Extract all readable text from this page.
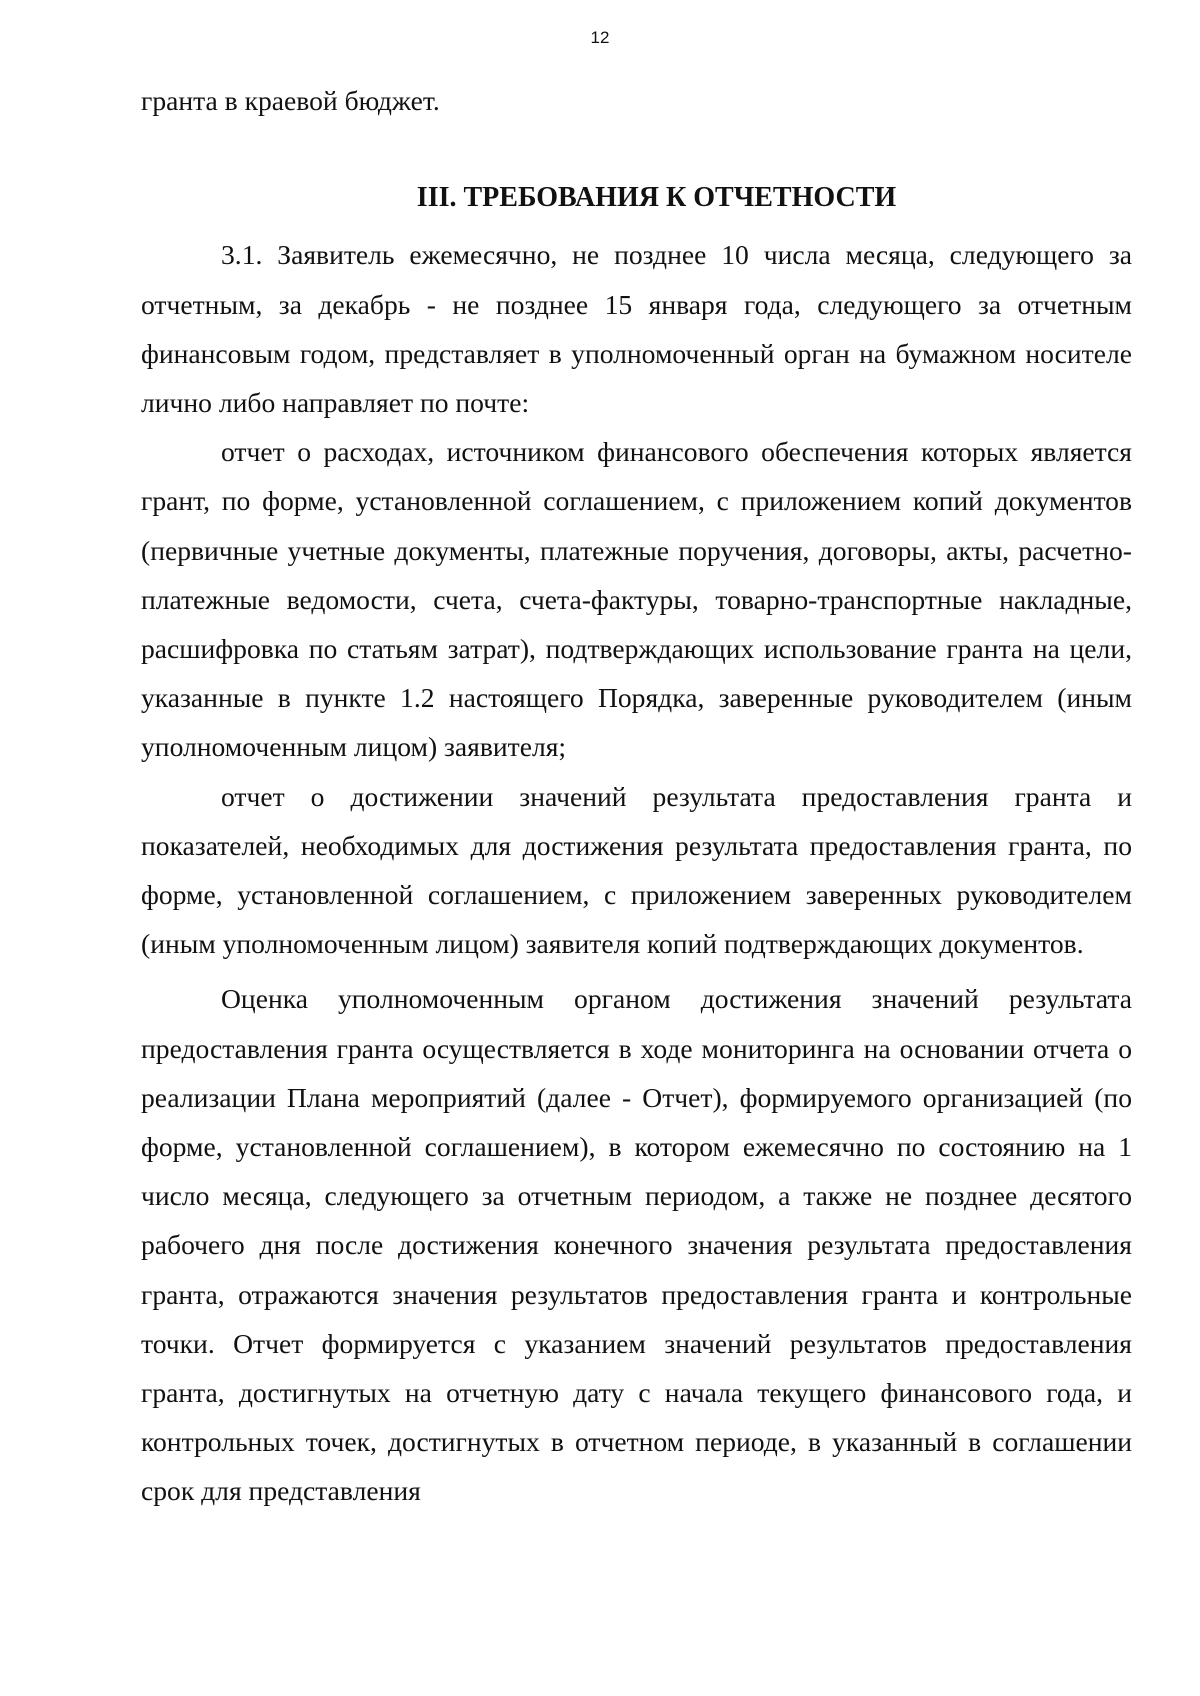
12

гранта в краевой бюджет.

III. ТРЕБОВАНИЯ К ОТЧЕТНОСТИ

3.1. Заявитель ежемесячно, не позднее 10 числа месяца, следующего за отчетным, за декабрь - не позднее 15 января года, следующего за отчетным финансовым годом, представляет в уполномоченный орган на бумажном носителе лично либо направляет по почте:

отчет о расходах, источником финансового обеспечения которых является грант, по форме, установленной соглашением, с приложением копий документов (первичные учетные документы, платежные поручения, договоры, акты, расчетно-платежные ведомости, счета, счета-фактуры, товарно-транспортные накладные, расшифровка по статьям затрат), подтверждающих использование гранта на цели, указанные в пункте 1.2 настоящего Порядка, заверенные руководителем (иным уполномоченным лицом) заявителя;

отчет о достижении значений результата предоставления гранта и показателей, необходимых для достижения результата предоставления гранта, по форме, установленной соглашением, с приложением заверенных руководителем (иным уполномоченным лицом) заявителя копий подтверждающих документов.

Оценка уполномоченным органом достижения значений результата предоставления гранта осуществляется в ходе мониторинга на основании отчета о реализации Плана мероприятий (далее - Отчет), формируемого организацией (по форме, установленной соглашением), в котором ежемесячно по состоянию на 1 число месяца, следующего за отчетным периодом, а также не позднее десятого рабочего дня после достижения конечного значения результата предоставления гранта, отражаются значения результатов предоставления гранта и контрольные точки. Отчет формируется с указанием значений результатов предоставления гранта, достигнутых на отчетную дату с начала текущего финансового года, и контрольных точек, достигнутых в отчетном периоде, в указанный в соглашении срок для представления
